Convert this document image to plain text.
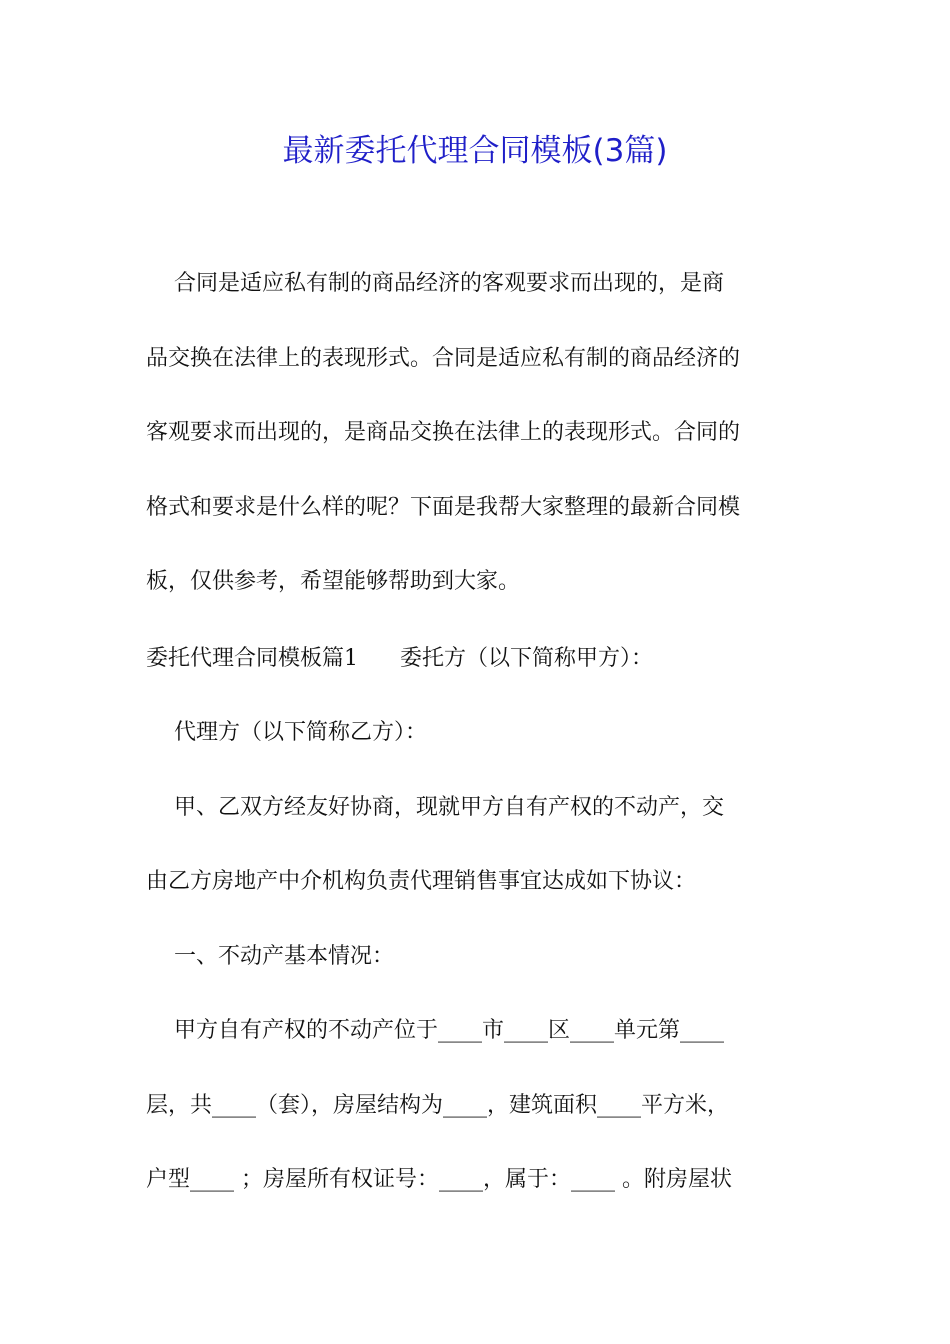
最新委托代理合同模板(3篇)

合同是适应私有制的商品经济的客观要求而出现的，是商

品交换在法律上的表现形式。合同是适应私有制的商品经济的

客观要求而出现的，是商品交换在法律上的表现形式。合同的

格式和要求是什么样的呢？下面是我帮大家整理的最新合同模

板，仅供参考，希望能够帮助到大家。

委托代理合同模板篇1      委托方（以下简称甲方）：

代理方（以下简称乙方）：

甲、乙双方经友好协商，现就甲方自有产权的不动产，交

由乙方房地产中介机构负责代理销售事宜达成如下协议：

一、不动产基本情况：

甲方自有产权的不动产位于____市____区____单元第____

层，共____（套），房屋结构为____，建筑面积____平方米，

户型____ ；房屋所有权证号：____，属于：____ 。附房屋状
